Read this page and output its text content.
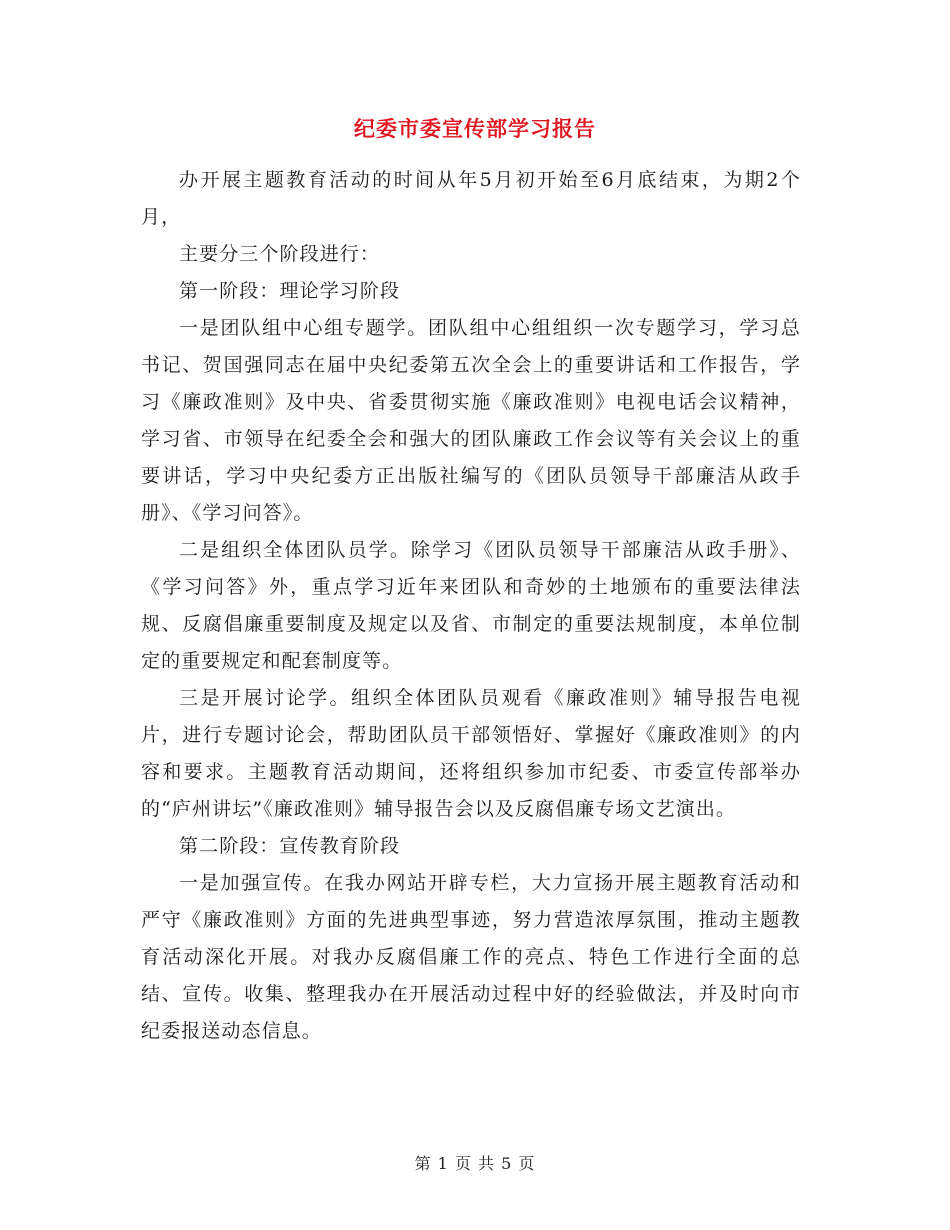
纪委市委宣传部学习报告

办开展主题教育活动的时间从年5月初开始至6月底结束，为期2个月，

主要分三个阶段进行：

第一阶段：理论学习阶段

一是团队组中心组专题学。团队组中心组组织一次专题学习，学习总书记、贺国强同志在届中央纪委第五次全会上的重要讲话和工作报告，学习《廉政准则》及中央、省委贯彻实施《廉政准则》电视电话会议精神，学习省、市领导在纪委全会和强大的团队廉政工作会议等有关会议上的重要讲话，学习中央纪委方正出版社编写的《团队员领导干部廉洁从政手册》、《学习问答》。

二是组织全体团队员学。除学习《团队员领导干部廉洁从政手册》、《学习问答》外，重点学习近年来团队和奇妙的土地颁布的重要法律法规、反腐倡廉重要制度及规定以及省、市制定的重要法规制度，本单位制定的重要规定和配套制度等。

三是开展讨论学。组织全体团队员观看《廉政准则》辅导报告电视片，进行专题讨论会，帮助团队员干部领悟好、掌握好《廉政准则》的内容和要求。主题教育活动期间，还将组织参加市纪委、市委宣传部举办的“庐州讲坛”《廉政准则》辅导报告会以及反腐倡廉专场文艺演出。

第二阶段：宣传教育阶段

一是加强宣传。在我办网站开辟专栏，大力宣扬开展主题教育活动和严守《廉政准则》方面的先进典型事迹，努力营造浓厚氛围，推动主题教育活动深化开展。对我办反腐倡廉工作的亮点、特色工作进行全面的总结、宣传。收集、整理我办在开展活动过程中好的经验做法，并及时向市纪委报送动态信息。

第 1 页 共 5 页
